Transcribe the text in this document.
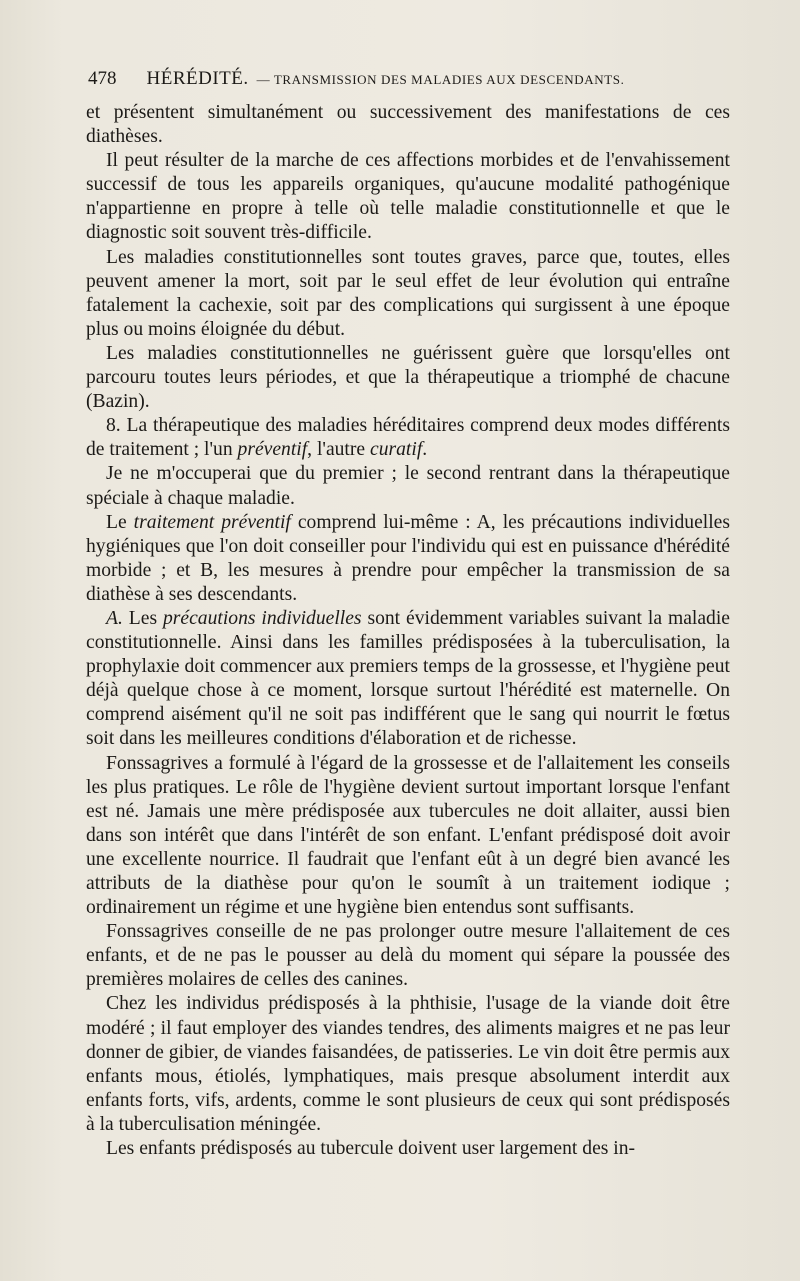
478 HÉRÉDITÉ. — TRANSMISSION DES MALADIES AUX DESCENDANTS.

et présentent simultanément ou successivement des manifestations de ces diathèses.

Il peut résulter de la marche de ces affections morbides et de l'envahissement successif de tous les appareils organiques, qu'aucune modalité pathogénique n'appartienne en propre à telle où telle maladie constitutionnelle et que le diagnostic soit souvent très-difficile.

Les maladies constitutionnelles sont toutes graves, parce que, toutes, elles peuvent amener la mort, soit par le seul effet de leur évolution qui entraîne fatalement la cachexie, soit par des complications qui surgissent à une époque plus ou moins éloignée du début.

Les maladies constitutionnelles ne guérissent guère que lorsqu'elles ont parcouru toutes leurs périodes, et que la thérapeutique a triomphé de chacune (Bazin).

8. La thérapeutique des maladies héréditaires comprend deux modes différents de traitement ; l'un préventif, l'autre curatif.

Je ne m'occuperai que du premier ; le second rentrant dans la thérapeutique spéciale à chaque maladie.

Le traitement préventif comprend lui-même : A, les précautions individuelles hygiéniques que l'on doit conseiller pour l'individu qui est en puissance d'hérédité morbide ; et B, les mesures à prendre pour empêcher la transmission de sa diathèse à ses descendants.

A. Les précautions individuelles sont évidemment variables suivant la maladie constitutionnelle. Ainsi dans les familles prédisposées à la tuberculisation, la prophylaxie doit commencer aux premiers temps de la grossesse, et l'hygiène peut déjà quelque chose à ce moment, lorsque surtout l'hérédité est maternelle. On comprend aisément qu'il ne soit pas indifférent que le sang qui nourrit le fœtus soit dans les meilleures conditions d'élaboration et de richesse.

Fonssagrives a formulé à l'égard de la grossesse et de l'allaitement les conseils les plus pratiques. Le rôle de l'hygiène devient surtout important lorsque l'enfant est né. Jamais une mère prédisposée aux tubercules ne doit allaiter, aussi bien dans son intérêt que dans l'intérêt de son enfant. L'enfant prédisposé doit avoir une excellente nourrice. Il faudrait que l'enfant eût à un degré bien avancé les attributs de la diathèse pour qu'on le soumît à un traitement iodique ; ordinairement un régime et une hygiène bien entendus sont suffisants.

Fonssagrives conseille de ne pas prolonger outre mesure l'allaitement de ces enfants, et de ne pas le pousser au delà du moment qui sépare la poussée des premières molaires de celles des canines.

Chez les individus prédisposés à la phthisie, l'usage de la viande doit être modéré ; il faut employer des viandes tendres, des aliments maigres et ne pas leur donner de gibier, de viandes faisandées, de patisseries. Le vin doit être permis aux enfants mous, étiolés, lymphatiques, mais presque absolument interdit aux enfants forts, vifs, ardents, comme le sont plusieurs de ceux qui sont prédisposés à la tuberculisation méningée.

Les enfants prédisposés au tubercule doivent user largement des in-
